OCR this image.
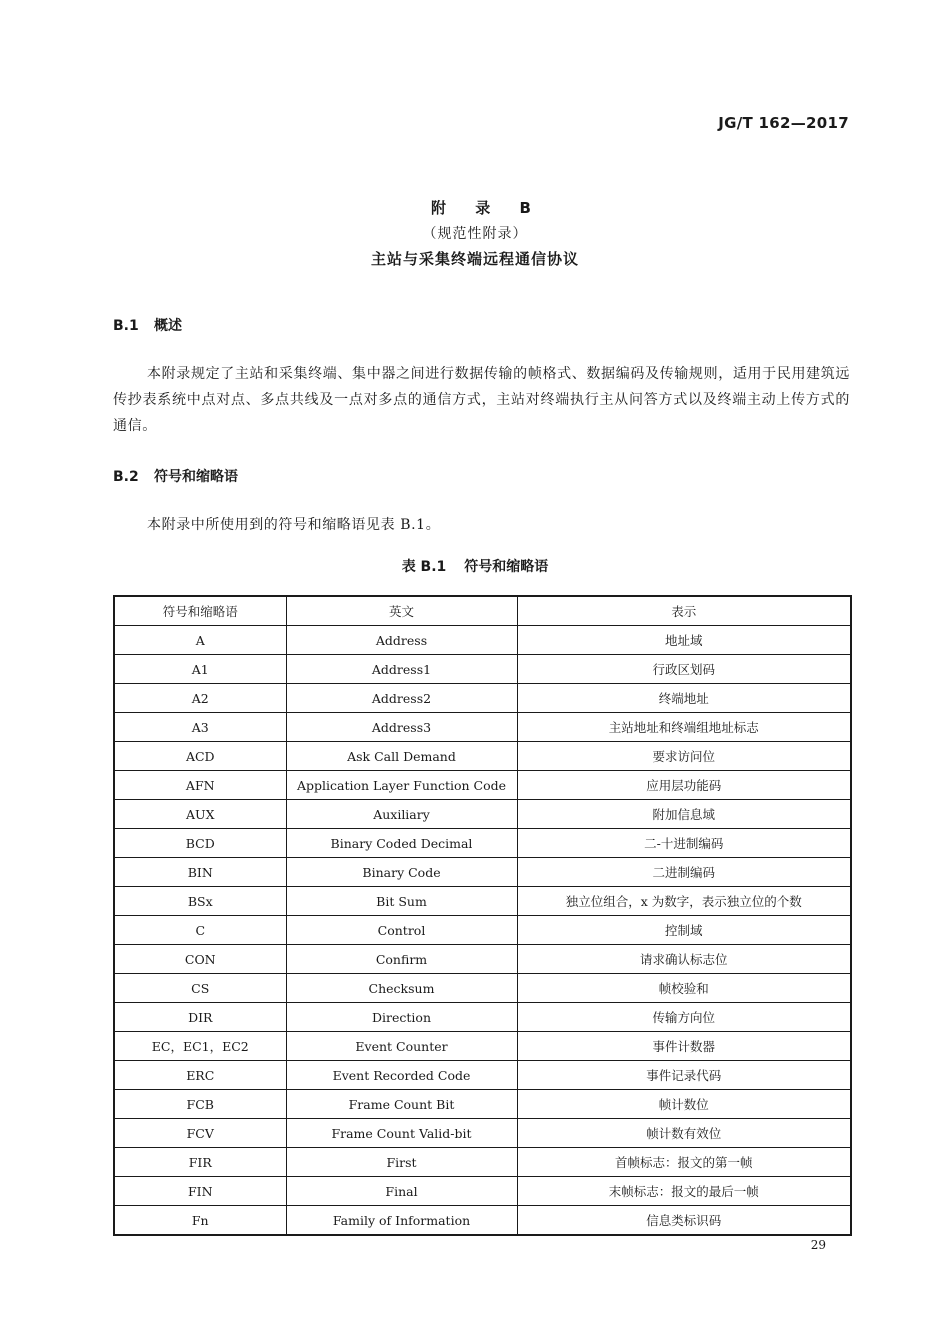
JG/T 162—2017
附 录 B
（规范性附录）
主站与采集终端远程通信协议
B.1 概述
本附录规定了主站和采集终端、集中器之间进行数据传输的帧格式、数据编码及传输规则，适用于民用建筑远传抄表系统中点对点、多点共线及一点对多点的通信方式，主站对终端执行主从问答方式以及终端主动上传方式的通信。
B.2 符号和缩略语
本附录中所使用到的符号和缩略语见表 B.1。
表 B.1 符号和缩略语
符号和缩略语	英文	表示
A	Address	地址域
A1	Address1	行政区划码
A2	Address2	终端地址
A3	Address3	主站地址和终端组地址标志
ACD	Ask Call Demand	要求访问位
AFN	Application Layer Function Code	应用层功能码
AUX	Auxiliary	附加信息域
BCD	Binary Coded Decimal	二-十进制编码
BIN	Binary Code	二进制编码
BSx	Bit Sum	独立位组合，x 为数字，表示独立位的个数
C	Control	控制域
CON	Confirm	请求确认标志位
CS	Checksum	帧校验和
DIR	Direction	传输方向位
EC，EC1，EC2	Event Counter	事件计数器
ERC	Event Recorded Code	事件记录代码
FCB	Frame Count Bit	帧计数位
FCV	Frame Count Valid-bit	帧计数有效位
FIR	First	首帧标志：报文的第一帧
FIN	Final	末帧标志：报文的最后一帧
Fn	Family of Information	信息类标识码
29
